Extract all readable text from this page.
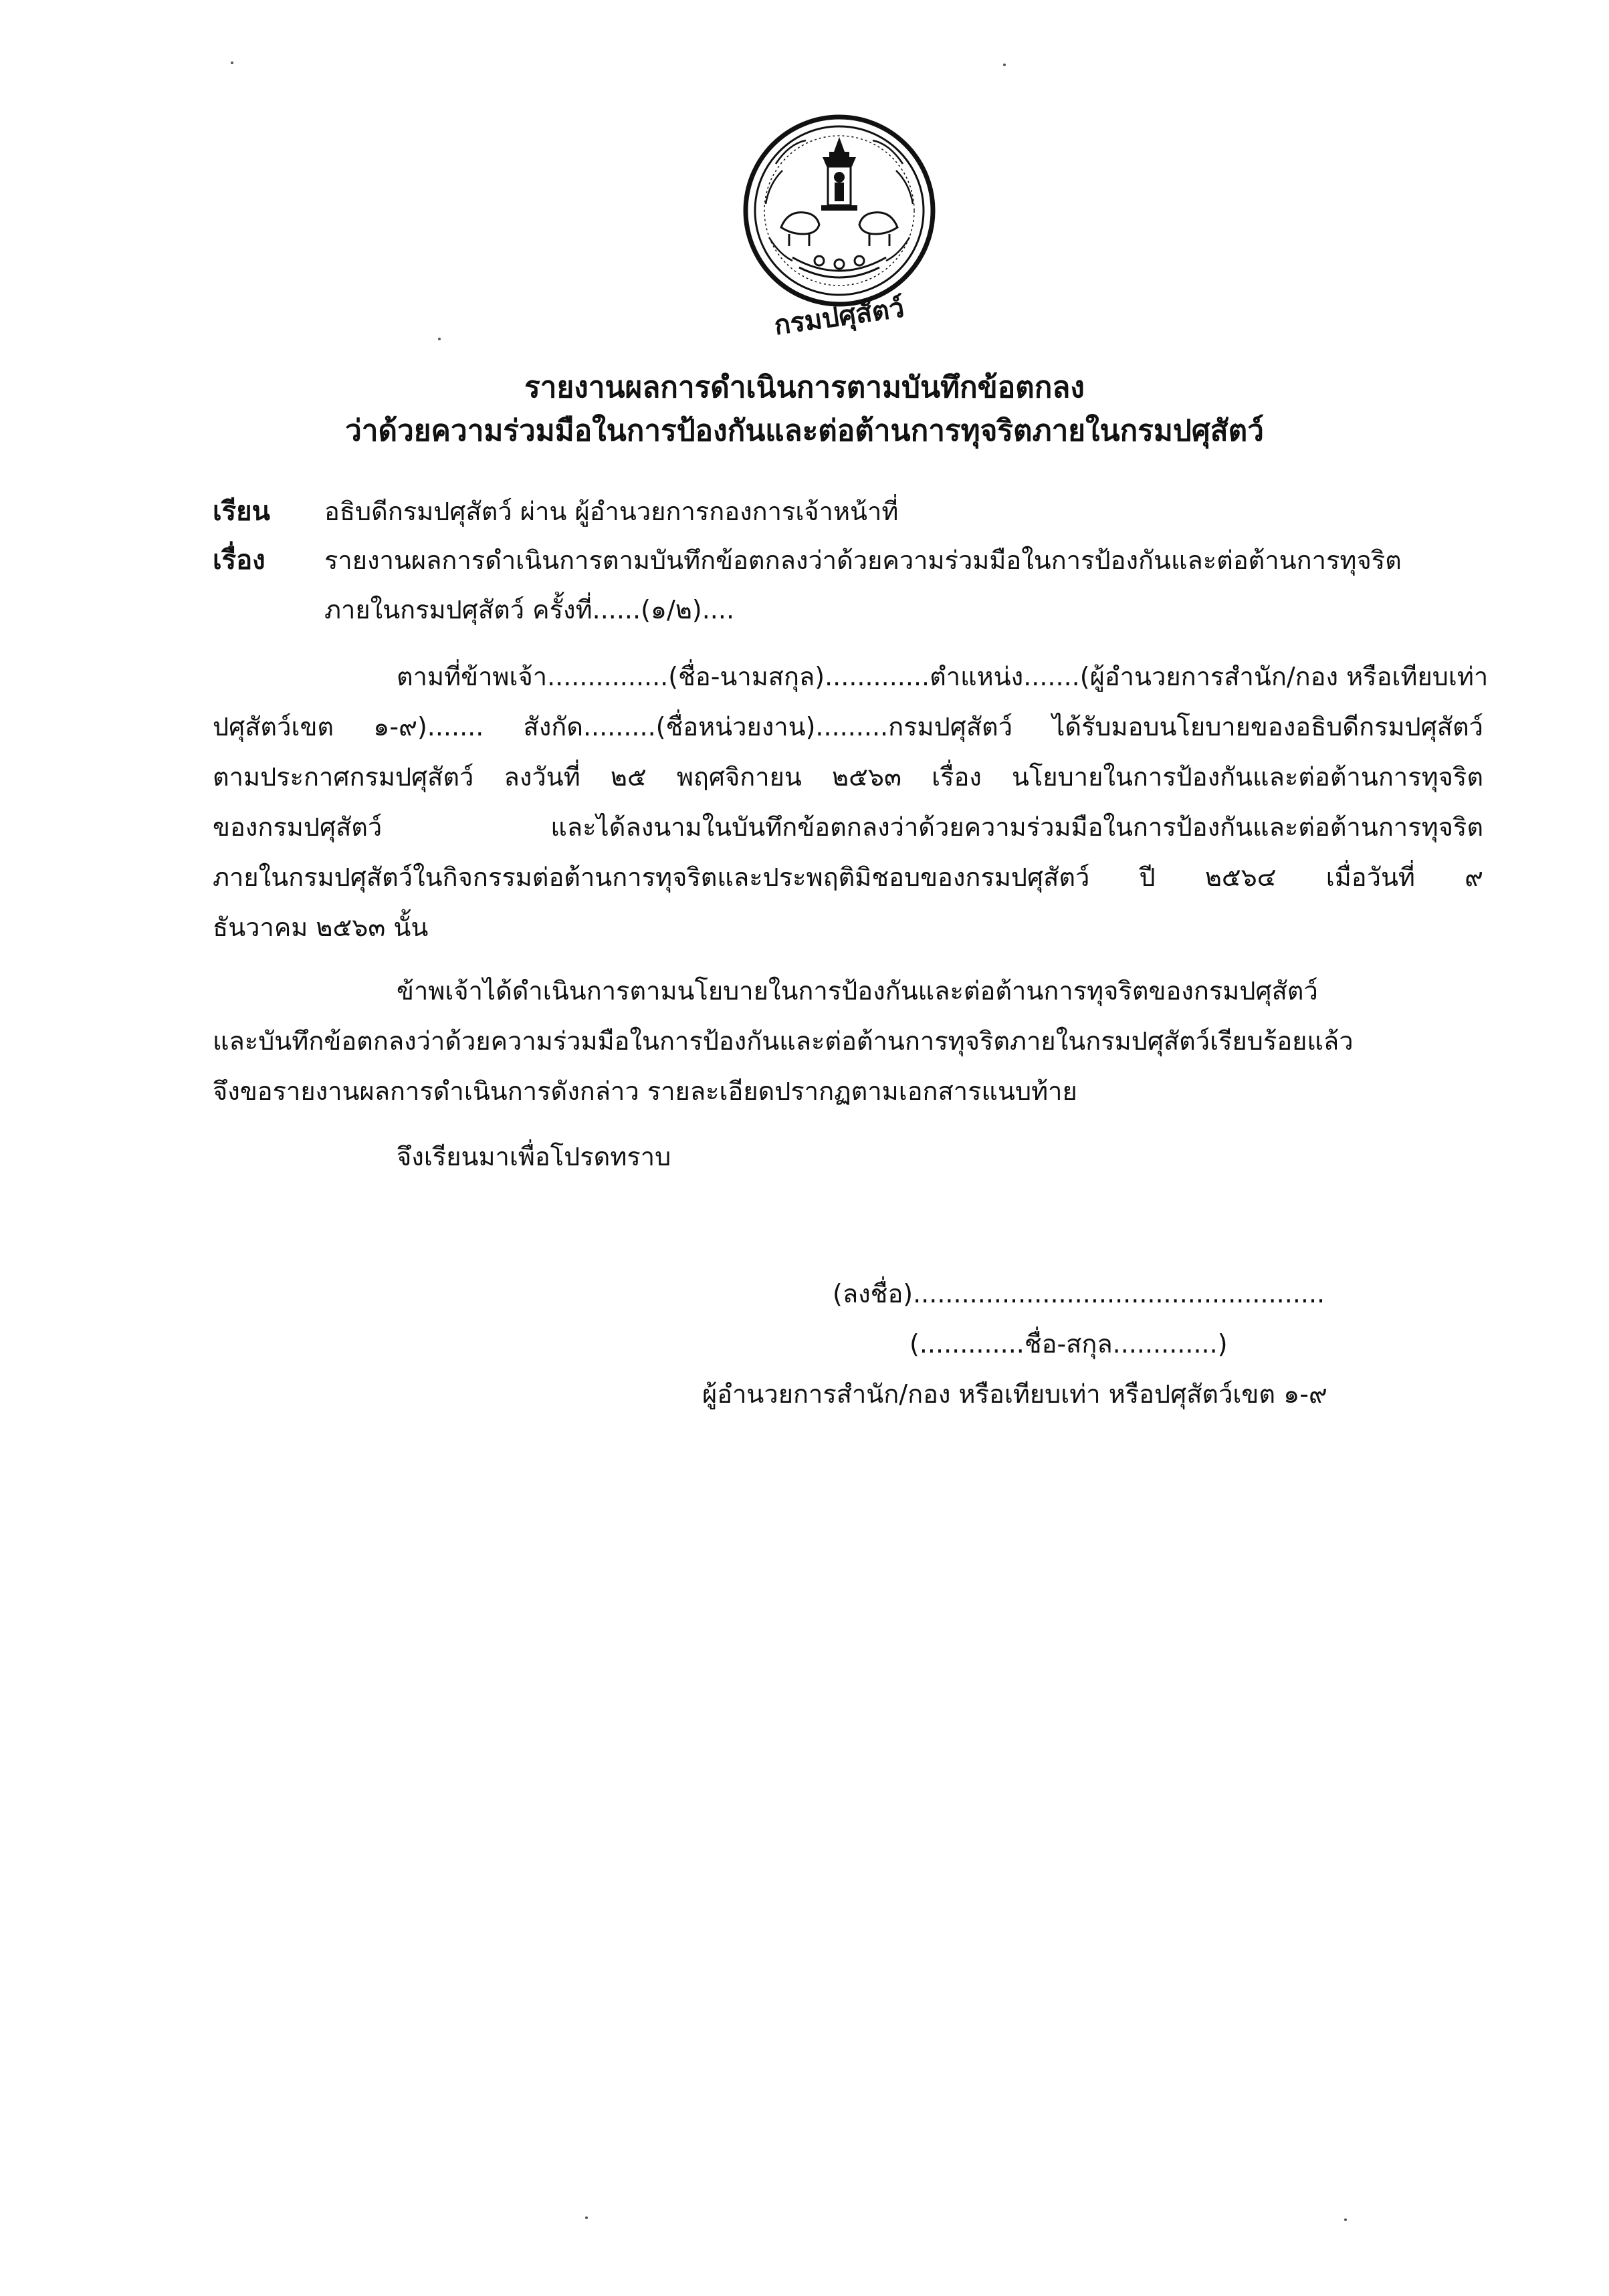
กรมปศุสัตว์
รายงานผลการดำเนินการตามบันทึกข้อตกลง
ว่าด้วยความร่วมมือในการป้องกันและต่อต้านการทุจริตภายในกรมปศุสัตว์
เรียน อธิบดีกรมปศุสัตว์ ผ่าน ผู้อำนวยการกองการเจ้าหน้าที่
เรื่อง รายงานผลการดำเนินการตามบันทึกข้อตกลงว่าด้วยความร่วมมือในการป้องกันและต่อต้านการทุจริต
ภายในกรมปศุสัตว์ ครั้งที่......(๑/๒)....
ตามที่ข้าพเจ้า...............(ชื่อ-นามสกุล).............ตำแหน่ง.......(ผู้อำนวยการสำนัก/กอง หรือเทียบเท่า
ปศุสัตว์เขต ๑-๙)....... สังกัด.........(ชื่อหน่วยงาน).........กรมปศุสัตว์ ได้รับมอบนโยบายของอธิบดีกรมปศุสัตว์
ตามประกาศกรมปศุสัตว์ ลงวันที่ ๒๕ พฤศจิกายน ๒๕๖๓ เรื่อง นโยบายในการป้องกันและต่อต้านการทุจริต
ของกรมปศุสัตว์ และได้ลงนามในบันทึกข้อตกลงว่าด้วยความร่วมมือในการป้องกันและต่อต้านการทุจริต
ภายในกรมปศุสัตว์ในกิจกรรมต่อต้านการทุจริตและประพฤติมิชอบของกรมปศุสัตว์ ปี ๒๕๖๔ เมื่อวันที่ ๙
ธันวาคม ๒๕๖๓ นั้น
ข้าพเจ้าได้ดำเนินการตามนโยบายในการป้องกันและต่อต้านการทุจริตของกรมปศุสัตว์
และบันทึกข้อตกลงว่าด้วยความร่วมมือในการป้องกันและต่อต้านการทุจริตภายในกรมปศุสัตว์เรียบร้อยแล้ว
จึงขอรายงานผลการดำเนินการดังกล่าว รายละเอียดปรากฏตามเอกสารแนบท้าย
จึงเรียนมาเพื่อโปรดทราบ
(ลงชื่อ)...................................................
(.............ชื่อ-สกุล.............)
ผู้อำนวยการสำนัก/กอง หรือเทียบเท่า หรือปศุสัตว์เขต ๑-๙
